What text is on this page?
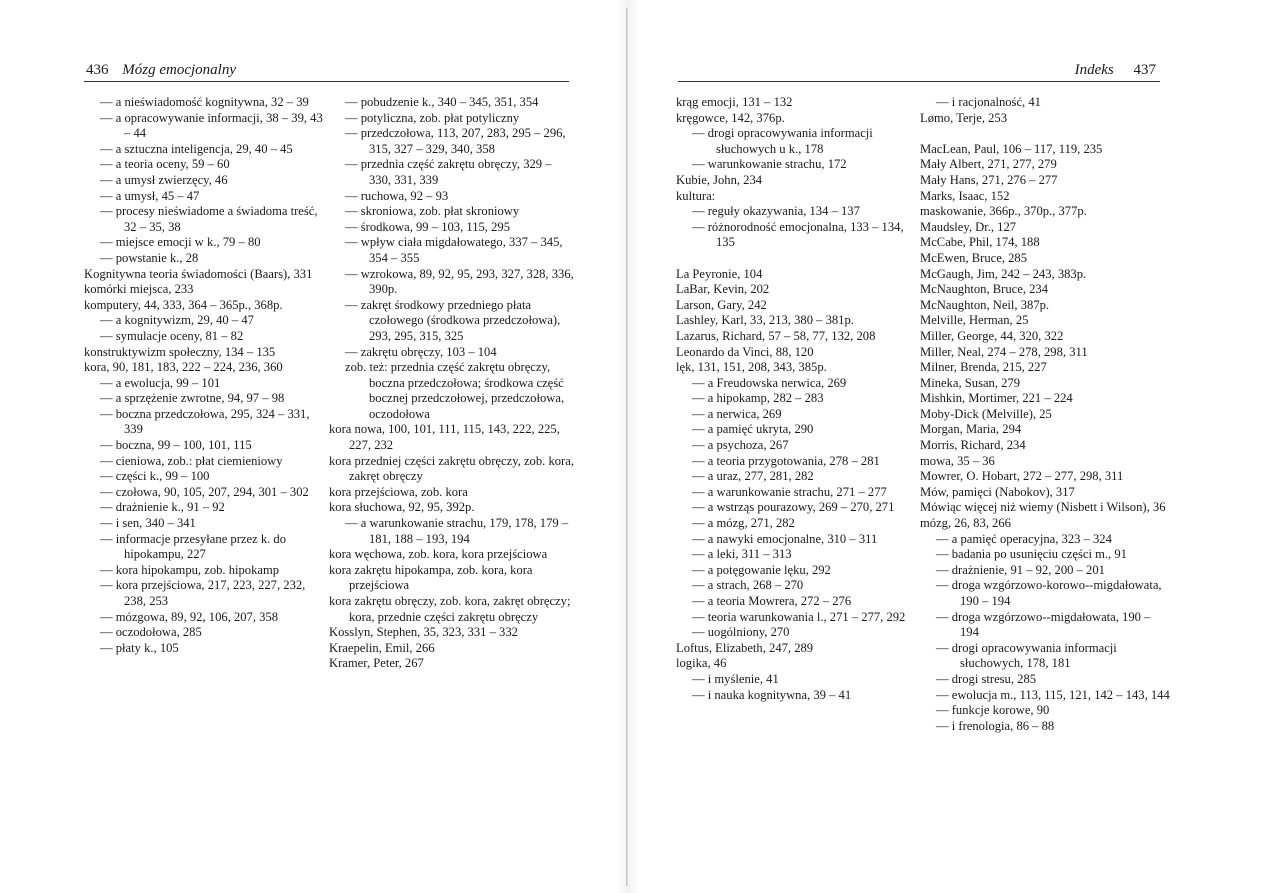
436 Mózg emocjonalny
— a nieświadomość kognitywna, 32 – 39
— a opracowywanie informacji, 38 – 39, 43 – 44
— a sztuczna inteligencja, 29, 40 – 45
— a teoria oceny, 59 – 60
— a umysł zwierzęcy, 46
— a umysł, 45 – 47
— procesy nieświadome a świadoma treść, 32 – 35, 38
— miejsce emocji w k., 79 – 80
— powstanie k., 28
Kognitywna teoria świadomości (Baars), 331
komórki miejsca, 233
komputery, 44, 333, 364 – 365p., 368p.
— a kognitywizm, 29, 40 – 47
— symulacje oceny, 81 – 82
konstruktywizm społeczny, 134 – 135
kora, 90, 181, 183, 222 – 224, 236, 360
— a ewolucja, 99 – 101
— a sprzężenie zwrotne, 94, 97 – 98
— boczna przedczołowa, 295, 324 – 331, 339
— boczna, 99 – 100, 101, 115
— cieniowa, zob.: płat ciemieniowy
— części k., 99 – 100
— czołowa, 90, 105, 207, 294, 301 – 302
— drażnienie k., 91 – 92
— i sen, 340 – 341
— informacje przesyłane przez k. do hipokampu, 227
— kora hipokampu, zob. hipokamp
— kora przejściowa, 217, 223, 227, 232, 238, 253
— mózgowa, 89, 92, 106, 207, 358
— oczodołowa, 285
— płaty k., 105
— pobudzenie k., 340 – 345, 351, 354
— potyliczna, zob. płat potyliczny
— przedczołowa, 113, 207, 283, 295 – 296, 315, 327 – 329, 340, 358
— przednia część zakrętu obręczy, 329 – 330, 331, 339
— ruchowa, 92 – 93
— skroniowa, zob. płat skroniowy
— środkowa, 99 – 103, 115, 295
— wpływ ciała migdałowatego, 337 – 345, 354 – 355
— wzrokowa, 89, 92, 95, 293, 327, 328, 336, 390p.
— zakręt środkowy przedniego płata czołowego (środkowa przedczołowa), 293, 295, 315, 325
— zakrętu obręczy, 103 – 104
zob. też: przednia część zakrętu obręczy, boczna przedczołowa; środkowa część bocznej przedczołowej, przedczołowa, oczodołowa
kora nowa, 100, 101, 111, 115, 143, 222, 225, 227, 232
kora przedniej części zakrętu obręczy, zob. kora, zakręt obręczy
kora przejściowa, zob. kora
kora słuchowa, 92, 95, 392p.
— a warunkowanie strachu, 179, 178, 179 – 181, 188 – 193, 194
kora węchowa, zob. kora, kora przejściowa
kora zakrętu hipokampa, zob. kora, kora przejściowa
kora zakrętu obręczy, zob. kora, zakręt obręczy; kora, przednie części zakrętu obręczy
Kosslyn, Stephen, 35, 323, 331 – 332
Kraepelin, Emil, 266
Kramer, Peter, 267
Indeks 437
krąg emocji, 131 – 132
kręgowce, 142, 376p.
— drogi opracowywania informacji słuchowych u k., 178
— warunkowanie strachu, 172
Kubie, John, 234
kultura:
— reguły okazywania, 134 – 137
— różnorodność emocjonalna, 133 – 134, 135
La Peyronie, 104
LaBar, Kevin, 202
Larson, Gary, 242
Lashley, Karl, 33, 213, 380 – 381p.
Lazarus, Richard, 57 – 58, 77, 132, 208
Leonardo da Vinci, 88, 120
lęk, 131, 151, 208, 343, 385p.
— a Freudowska nerwica, 269
— a hipokamp, 282 – 283
— a nerwica, 269
— a pamięć ukryta, 290
— a psychoza, 267
— a teoria przygotowania, 278 – 281
— a uraz, 277, 281, 282
— a warunkowanie strachu, 271 – 277
— a wstrząs pourazowy, 269 – 270, 271
— a mózg, 271, 282
— a nawyki emocjonalne, 310 – 311
— a leki, 311 – 313
— a potęgowanie lęku, 292
— a strach, 268 – 270
— a teoria Mowrera, 272 – 276
— teoria warunkowania l., 271 – 277, 292
— uogólniony, 270
Loftus, Elizabeth, 247, 289
logika, 46
— i myślenie, 41
— i nauka kognitywna, 39 – 41
— i racjonalność, 41
Lømo, Terje, 253
MacLean, Paul, 106 – 117, 119, 235
Mały Albert, 271, 277, 279
Mały Hans, 271, 276 – 277
Marks, Isaac, 152
maskowanie, 366p., 370p., 377p.
Maudsley, Dr., 127
McCabe, Phil, 174, 188
McEwen, Bruce, 285
McGaugh, Jim, 242 – 243, 383p.
McNaughton, Bruce, 234
McNaughton, Neil, 387p.
Melville, Herman, 25
Miller, George, 44, 320, 322
Miller, Neal, 274 – 278, 298, 311
Milner, Brenda, 215, 227
Mineka, Susan, 279
Mishkin, Mortimer, 221 – 224
Moby-Dick (Melville), 25
Morgan, Maria, 294
Morris, Richard, 234
mowa, 35 – 36
Mowrer, O. Hobart, 272 – 277, 298, 311
Mów, pamięci (Nabokov), 317
Mówiąc więcej niż wiemy (Nisbett i Wilson), 36
mózg, 26, 83, 266
— a pamięć operacyjna, 323 – 324
— badania po usunięciu części m., 91
— drażnienie, 91 – 92, 200 – 201
— droga wzgórzowo-korowo--migdałowata, 190 – 194
— droga wzgórzowo--migdałowata, 190 – 194
— drogi opracowywania informacji słuchowych, 178, 181
— drogi stresu, 285
— ewolucja m., 113, 115, 121, 142 – 143, 144
— funkcje korowe, 90
— i frenologia, 86 – 88
